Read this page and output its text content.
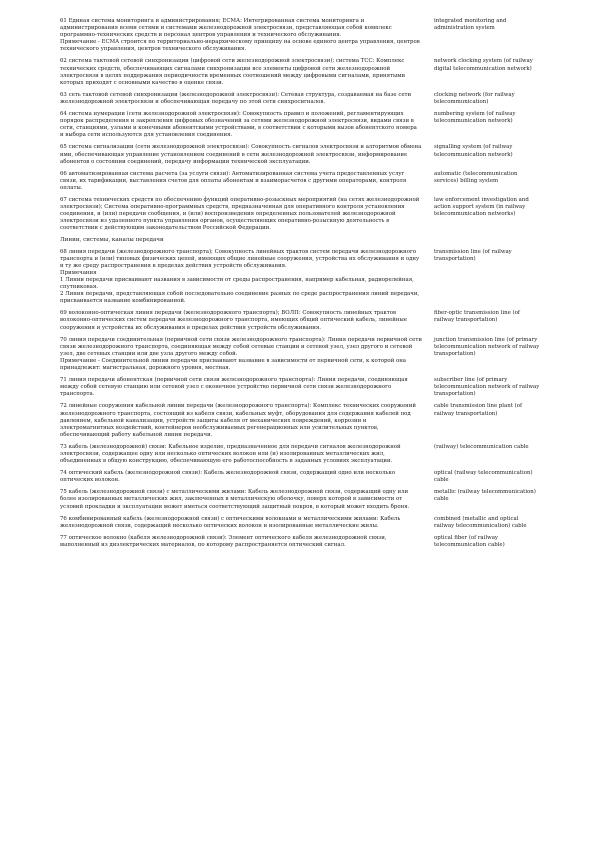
61 Единая система мониторинга и администрирования; ЕСМА: Интегрированная система мониторинга и администрирования всеми сетями и системами железнодорожной электросвязи, представляющая собой комплекс программно-технических средств и персонал центров управления и технического обслуживания.

Примечание - ЕСМА строится по территориально-иерархическому принципу на основе единого центра управления, центров технического управления, центров технического обслуживания.

integrated monitoring and administration system

62 система тактовой сетевой синхронизации (цифровой сети железнодорожной электросвязи); система ТСС: Комплекс технических средств, обеспечивающих сигналами синхронизации все элементы цифровой сети железнодорожной электросвязи в целях поддержания периодичности временных соотношений между цифровыми сигналами, принятыми которых приходят с основными качество в оценке связи.

network clocking system (of railway digital telecommunication network)

63 сеть тактовой сетевой синхронизации (железнодорожной электросвязи): Сетевая структура, создаваемая на базе сети железнодорожной электросвязи и обеспечивающая передачу по этой сети синхросигналов.

clocking network (for railway telecommunication)

64 система нумерации (сети железнодорожной электросвязи): Совокупность правил и положений, регламентирующих порядок распределения и закрепления цифровых обозначений за сетями железнодорожной электросвязи, видами связи в сети, станциями, узлами и конечными абонентскими устройствами, в соответствии с которыми вызов абонентского номера и выбора сети используются для установления соединения.

numbering system (of railway telecommunication network)

65 система сигнализации (сети железнодорожной электросвязи): Совокупность сигналов электросвязи и алгоритмов обмена ими, обеспечивающая управление установлением соединений в сети железнодорожной электросвязи, информирование абонентов о состоянии соединений, передачу информации технической эксплуатации.

signalling system (of railway telecommunication network)

66 автоматизированная система расчета (за услуги связи): Автоматизированная система учета предоставленных услуг связи, их тарификации, выставления счетов для оплаты абонентам и взаиморасчетов с другими операторами, контроля оплаты.

automatic (telecommunication services) billing system

67 система технических средств по обеспечению функций оперативно-розыскных мероприятий (на сетях железнодорожной электросвязи); Система оперативно-программных средств, предназначенная для оперативного контроля установления соединения, и (или) передачи сообщения, и (или) воспроизведения определенных пользователей железнодорожной электросвязи из удаленного пункта управления органов, осуществляющих оперативно-розыскную деятельность в соответствии с действующим законодательством Российской Федерации.

law enforcement investigation and action support system (in railway telecommunication networks)
Линии, системы, каналы передачи

68 линия передачи (железнодорожного транспорта); Совокупность линейных трактов систем передачи железнодорожного транспорта и (или) типовых физических цепей, имеющих общие линейные сооружения, устройства их обслуживания и одну и ту же среду распространения в пределах действия устройств обслуживания.

Примечания

1 Линии передачи присваивают названия в зависимости от среды распространения, например кабельная, радиорелейная, спутниковая.

2 Линия передачи, представляющая собой последовательно соединение разных по среде распространения линий передачи, присваивается название комбинированной.

transmission line (of railway transportation)

69 волоконно-оптическая линия передачи (железнодорожного транспорта); ВОЛП: Совокупность линейных трактов волоконно-оптических систем передачи железнодорожного транспорта, имеющих общий оптический кабель, линейные сооружения и устройства их обслуживания в пределах действия устройств обслуживания.

fiber-optic transmission line (of railway transportation)

70 линия передачи соединительная (первичной сети связи железнодорожного транспорта): Линия передачи первичной сети связи железнодорожного транспорта, соединяющая между собой сетевые станции и сетевой узел, узел другого и сетевой узел, две сетевых станции или две узла другого между собой.

Примечание - Соединительной линии передачи присваивают название в зависимости от первичной сети, к которой она принадлежит: магистральная, дорожного уровня, местная.

junction transmission line (of primary telecommunication network of railway transportation)

71 линия передачи абонентская (первичной сети связи железнодорожного транспорта): Линия передачи, соединяющая между собой сетевую станцию или сетевой узел с оконечное устройство первичной сети связи железнодорожного транспорта.

subscriber line (of primary telecommunication network of railway transportation)

72 линейные сооружения кабельной линии передачи (железнодорожного транспорта): Комплекс технических сооружений железнодорожного транспорта, состоящий из кабеля связи, кабельных муфт, оборудования для содержания кабелей под давлением, кабельной канализации, устройств защиты кабеля от механических повреждений, коррозии и электромагнитных воздействий, контейнеров необслуживаемых регенерационных или усилительных пунктов, обеспечивающий работу кабельной линии передачи.

cable transmission line plant (of railway transportation)

73 кабель (железнодорожной) связи: Кабельное изделие, предназначенное для передачи сигналов железнодорожной электросвязи, содержащее одну или несколько оптических волокон или (и) изолированных металлических жил, объединенных в общую конструкцию, обеспечивающую его работоспособность в заданных условиях эксплуатации.

(railway) telecommunication cable

74 оптический кабель (железнодорожной связи): Кабель железнодорожной связи, содержащий одно или несколько оптических волокон.

optical (railway telecommunication) cable

75 кабель (железнодорожной связи) с металлическими жилами: Кабель железнодорожной связи, содержащий одну или более изолированных металлических жил, заключенных в металлическую оболочку, поверх которой в зависимости от условий прокладки и эксплуатации может иметься соответствующий защитный покров, в который может входить броня.

metallic (railway telecommunication) cable

76 комбинированный кабель (железнодорожной связи) с оптическими волокнами и металлическими жилами: Кабель железнодорожной связи, содержащий несколько оптических волокон и изолированные металлические жилы.

combined (metallic and optical railway telecommunication) cable

77 оптическое волокно (кабеля железнодорожной связи): Элемент оптического кабеля железнодорожной связи, выполненный из диэлектрических материалов, по которому распространяется оптический сигнал.

optical fiber (of railway telecommunication cable)
